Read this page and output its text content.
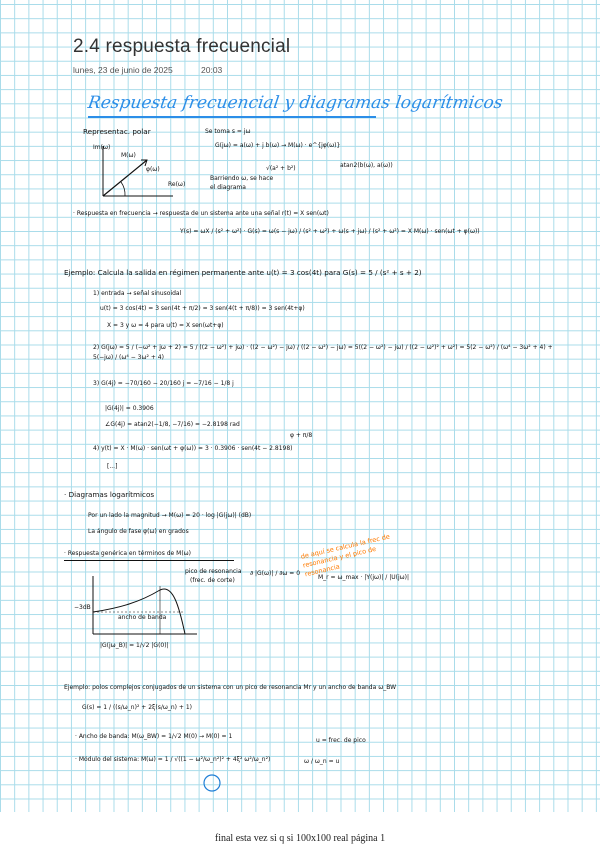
2.4 respuesta frecuencial
lunes, 23 de junio de 2025	20:03
Respuesta frecuencial y diagramas logarítmicos
Representac. polar
Im(ω)
M(ω)
φ(ω)
Re(ω)
Se toma s = jω
G(jω) = a(ω) + j b(ω) → M(ω) · e^{jφ(ω)}
√(a² + b²)	atan2(b(ω), a(ω))
Barriendo ω, se hace
el diagrama
· Respuesta en frecuencia → respuesta de un sistema ante una señal r(t) = X sen(ωt)
Y(s) = ωX / (s² + ω²) · G(s) = ω(s − jω) / (s² + ω²) + ω(s + jω) / (s² + ω²) = X M(ω) · sen(ωt + φ(ω))
Ejemplo: Calcula la salida en régimen permanente ante u(t) = 3 cos(4t) para G(s) = 5 / (s² + s + 2)
1) entrada → señal sinusoidal
u(t) = 3 cos(4t) = 3 sen(4t + π/2) = 3 sen(4(t + π/8)) = 3 sen(4t+φ)
X = 3 y ω = 4 para u(t) = X sen(ωt+φ)
2) G(jω) = 5 / (−ω² + jω + 2) = 5 / ((2 − ω²) + jω) · ((2 − ω²) − jω) / ((2 − ω²) − jω) = 5((2 − ω²) − jω) / ((2 − ω²)² + ω²) = 5(2 − ω²) / (ω⁴ − 3ω² + 4) + 5(−jω) / (ω⁴ − 3ω² + 4)
3) G(4j) = −70/160 − 20/160 j = −7/16 − 1/8 j
|G(4j)| = 0.3906
∠G(4j) = atan2(−1/8, −7/16) = −2.8198 rad
φ + π/8
4) y(t) = X · M(ω) · sen(ωt + φ(ω)) = 3 · 0.3906 · sen(4t − 2.8198)
[...]
· Diagramas logarítmicos
Por un lado la magnitud → M(ω) = 20 · log |G(jω)| (dB)
La ángulo de fase φ(ω) en grados
· Respuesta genérica en términos de M(ω)
pico de resonancia
(frec. de corte)
∂ |G(ω)| / ∂ω = 0
M_r = ω_max · |Y(jω)| / |U(jω)|
de aquí se calcula la frec de resonancia y el pico de resonancia
−3dB
ancho de banda
|G(jω_B)| = 1/√2 |G(0)|
Ejemplo: polos complejos conjugados de un sistema con un pico de resonancia Mr y un ancho de banda ω_BW
G(s) = 1 / ((s/ω_n)² + 2ξ(s/ω_n) + 1)
· Ancho de banda: M(ω_BW) = 1/√2 M(0) → M(0) = 1
· Módulo del sistema: M(ω) = 1 / √((1 − ω²/ω_n²)² + 4ξ² ω²/ω_n²)
u = frec. de pico
ω / ω_n = u
final esta vez si q si 100x100 real página 1
